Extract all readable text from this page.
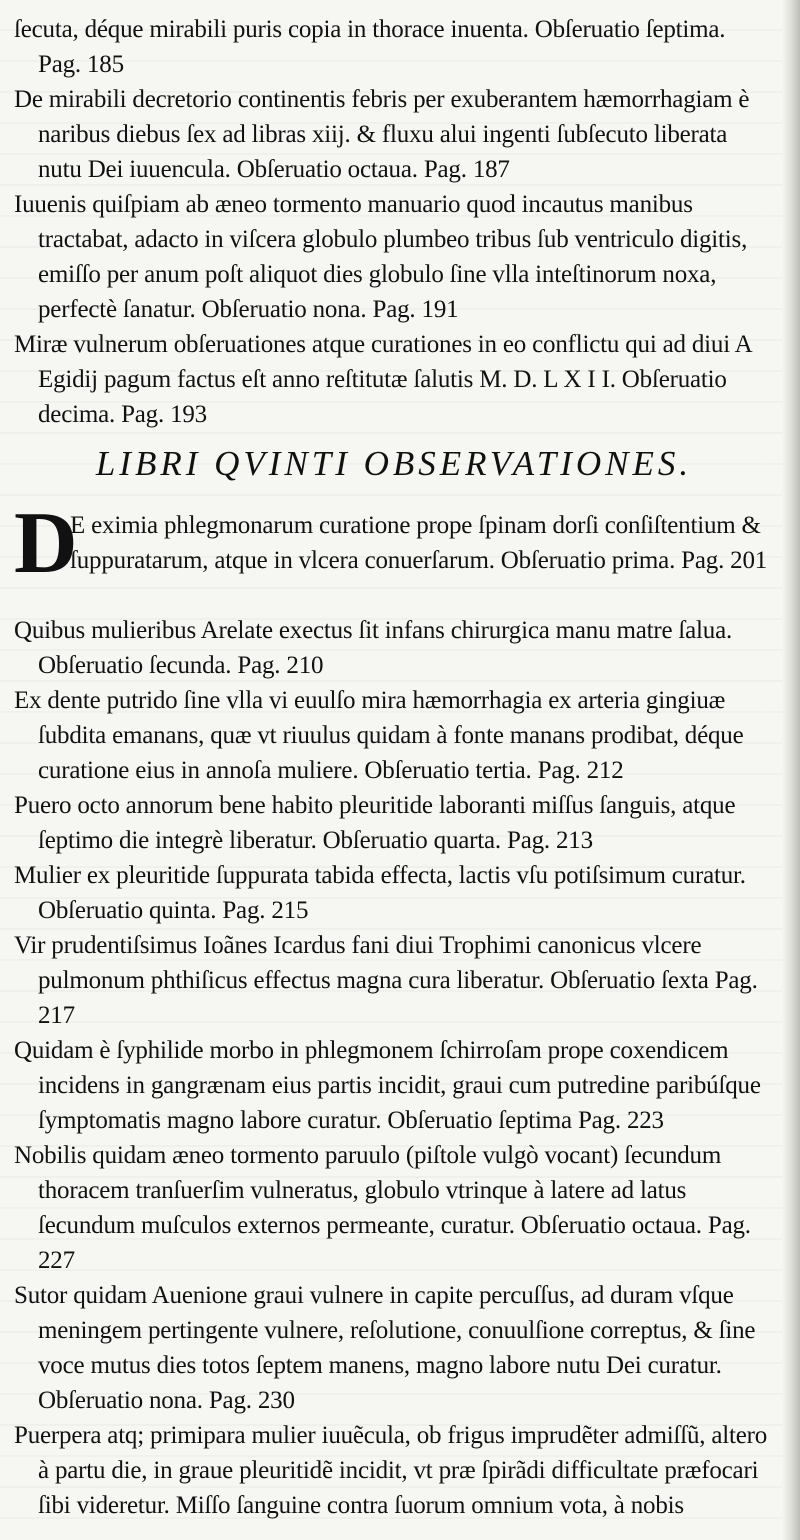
ſecuta, déque mirabili puris copia in thorace inuenta. Obſeruatio ſeptima. Pag. 185

De mirabili decretorio continentis febris per exuberantem hæmorrhagiam è naribus diebus ſex ad libras xiij. & fluxu alui ingenti ſubſecuto liberata nutu Dei iuuencula. Obſeruatio octaua. Pag. 187

Iuuenis quiſpiam ab æneo tormento manuario quod incautus manibus tractabat, adacto in viſcera globulo plumbeo tribus ſub ventriculo digitis, emiſſo per anum poſt aliquot dies globulo ſine vlla inteſtinorum noxa, perfectè ſanatur. Obſeruatio nona. Pag. 191

Miræ vulnerum obſeruationes atque curationes in eo conflictu qui ad diui A Egidij pagum factus eſt anno reſtitutæ ſalutis M. D. L X I I. Obſeruatio decima. Pag. 193

LIBRI QVINTI OBSERVATIONES.

D
E eximia phlegmonarum curatione prope ſpinam dorſi conſiſtentium & ſuppuratarum, atque in vlcera conuerſarum. Obſeruatio prima. Pag. 201

Quibus mulieribus Arelate exectus ſit infans chirurgica manu matre ſalua. Obſeruatio ſecunda. Pag. 210

Ex dente putrido ſine vlla vi euulſo mira hæmorrhagia ex arteria gingiuæ ſubdita emanans, quæ vt riuulus quidam à fonte manans prodibat, déque curatione eius in annoſa muliere. Obſeruatio tertia. Pag. 212

Puero octo annorum bene habito pleuritide laboranti miſſus ſanguis, atque ſeptimo die integrè liberatur. Obſeruatio quarta. Pag. 213

Mulier ex pleuritide ſuppurata tabida effecta, lactis vſu potiſsimum curatur. Obſeruatio quinta. Pag. 215

Vir prudentiſsimus Ioãnes Icardus fani diui Trophimi canonicus vlcere pulmonum phthiſicus effectus magna cura liberatur. Obſeruatio ſexta Pag. 217

Quidam è ſyphilide morbo in phlegmonem ſchirroſam prope coxendicem incidens in gangrænam eius partis incidit, graui cum putredine paribúſque ſymptomatis magno labore curatur. Obſeruatio ſeptima Pag. 223

Nobilis quidam æneo tormento paruulo (piſtole vulgò vocant) ſecundum thoracem tranſuerſim vulneratus, globulo vtrinque à latere ad latus ſecundum muſculos externos permeante, curatur. Obſeruatio octaua. Pag. 227

Sutor quidam Auenione graui vulnere in capite percuſſus, ad duram vſque meningem pertingente vulnere, reſolutione, conuulſione correptus, & ſine voce mutus dies totos ſeptem manens, magno labore nutu Dei curatur. Obſeruatio nona. Pag. 230

Puerpera atq; primipara mulier iuuẽcula, ob frigus imprudẽter admiſſũ, altero à partu die, in graue pleuritidẽ incidit, vt præ ſpirãdi difficultate præfocari ſibi videretur. Miſſo ſanguine contra ſuorum omnium vota, à nobis
